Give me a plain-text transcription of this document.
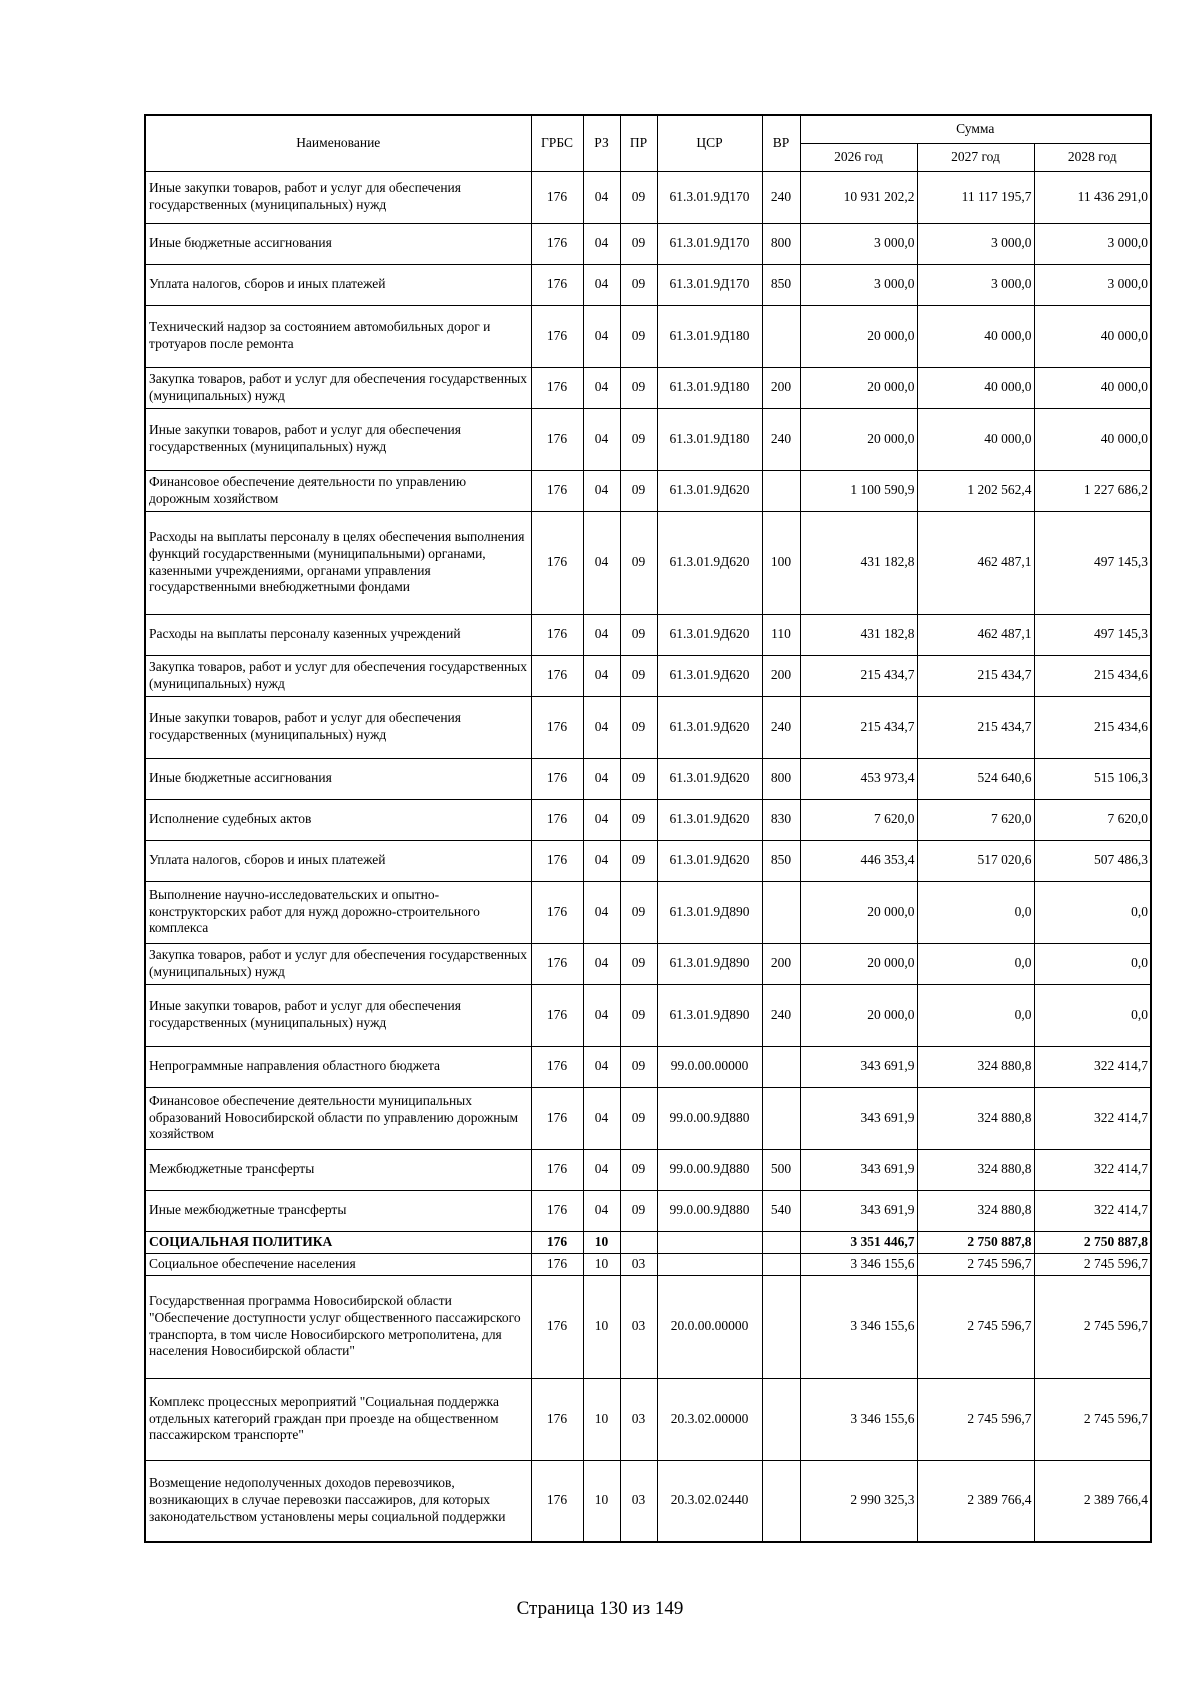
Наименование	ГРБС	РЗ	ПР	ЦСР	ВР	Сумма		
						2026 год	2027 год	2028 год
Иные закупки товаров, работ и услуг для обеспечения государственных (муниципальных) нужд	176	04	09	61.3.01.9Д170	240	10 931 202,2	11 117 195,7	11 436 291,0
Иные бюджетные ассигнования	176	04	09	61.3.01.9Д170	800	3 000,0	3 000,0	3 000,0
Уплата налогов, сборов и иных платежей	176	04	09	61.3.01.9Д170	850	3 000,0	3 000,0	3 000,0
Технический надзор за состоянием автомобильных дорог и тротуаров после ремонта	176	04	09	61.3.01.9Д180		20 000,0	40 000,0	40 000,0
Закупка товаров, работ и услуг для обеспечения государственных (муниципальных) нужд	176	04	09	61.3.01.9Д180	200	20 000,0	40 000,0	40 000,0
Иные закупки товаров, работ и услуг для обеспечения государственных (муниципальных) нужд	176	04	09	61.3.01.9Д180	240	20 000,0	40 000,0	40 000,0
Финансовое обеспечение деятельности по управлению дорожным хозяйством	176	04	09	61.3.01.9Д620		1 100 590,9	1 202 562,4	1 227 686,2
Расходы на выплаты персоналу в целях обеспечения выполнения функций государственными (муниципальными) органами, казенными учреждениями, органами управления государственными внебюджетными фондами	176	04	09	61.3.01.9Д620	100	431 182,8	462 487,1	497 145,3
Расходы на выплаты персоналу казенных учреждений	176	04	09	61.3.01.9Д620	110	431 182,8	462 487,1	497 145,3
Закупка товаров, работ и услуг для обеспечения государственных (муниципальных) нужд	176	04	09	61.3.01.9Д620	200	215 434,7	215 434,7	215 434,6
Иные закупки товаров, работ и услуг для обеспечения государственных (муниципальных) нужд	176	04	09	61.3.01.9Д620	240	215 434,7	215 434,7	215 434,6
Иные бюджетные ассигнования	176	04	09	61.3.01.9Д620	800	453 973,4	524 640,6	515 106,3
Исполнение судебных актов	176	04	09	61.3.01.9Д620	830	7 620,0	7 620,0	7 620,0
Уплата налогов, сборов и иных платежей	176	04	09	61.3.01.9Д620	850	446 353,4	517 020,6	507 486,3
Выполнение научно-исследовательских и опытно-конструкторских работ для нужд дорожно-строительного комплекса	176	04	09	61.3.01.9Д890		20 000,0	0,0	0,0
Закупка товаров, работ и услуг для обеспечения государственных (муниципальных) нужд	176	04	09	61.3.01.9Д890	200	20 000,0	0,0	0,0
Иные закупки товаров, работ и услуг для обеспечения государственных (муниципальных) нужд	176	04	09	61.3.01.9Д890	240	20 000,0	0,0	0,0
Непрограммные направления областного бюджета	176	04	09	99.0.00.00000		343 691,9	324 880,8	322 414,7
Финансовое обеспечение деятельности муниципальных образований Новосибирской области по управлению дорожным хозяйством	176	04	09	99.0.00.9Д880		343 691,9	324 880,8	322 414,7
Межбюджетные трансферты	176	04	09	99.0.00.9Д880	500	343 691,9	324 880,8	322 414,7
Иные межбюджетные трансферты	176	04	09	99.0.00.9Д880	540	343 691,9	324 880,8	322 414,7
СОЦИАЛЬНАЯ ПОЛИТИКА	176	10				3 351 446,7	2 750 887,8	2 750 887,8
Социальное обеспечение населения	176	10	03			3 346 155,6	2 745 596,7	2 745 596,7
Государственная программа Новосибирской области "Обеспечение доступности услуг общественного пассажирского транспорта, в том числе Новосибирского метрополитена, для населения Новосибирской области"	176	10	03	20.0.00.00000		3 346 155,6	2 745 596,7	2 745 596,7
Комплекс процессных мероприятий "Социальная поддержка отдельных категорий граждан при проезде на общественном пассажирском транспорте"	176	10	03	20.3.02.00000		3 346 155,6	2 745 596,7	2 745 596,7
Возмещение недополученных доходов перевозчиков, возникающих в случае перевозки пассажиров, для которых законодательством установлены меры социальной поддержки	176	10	03	20.3.02.02440		2 990 325,3	2 389 766,4	2 389 766,4
Страница 130 из 149
